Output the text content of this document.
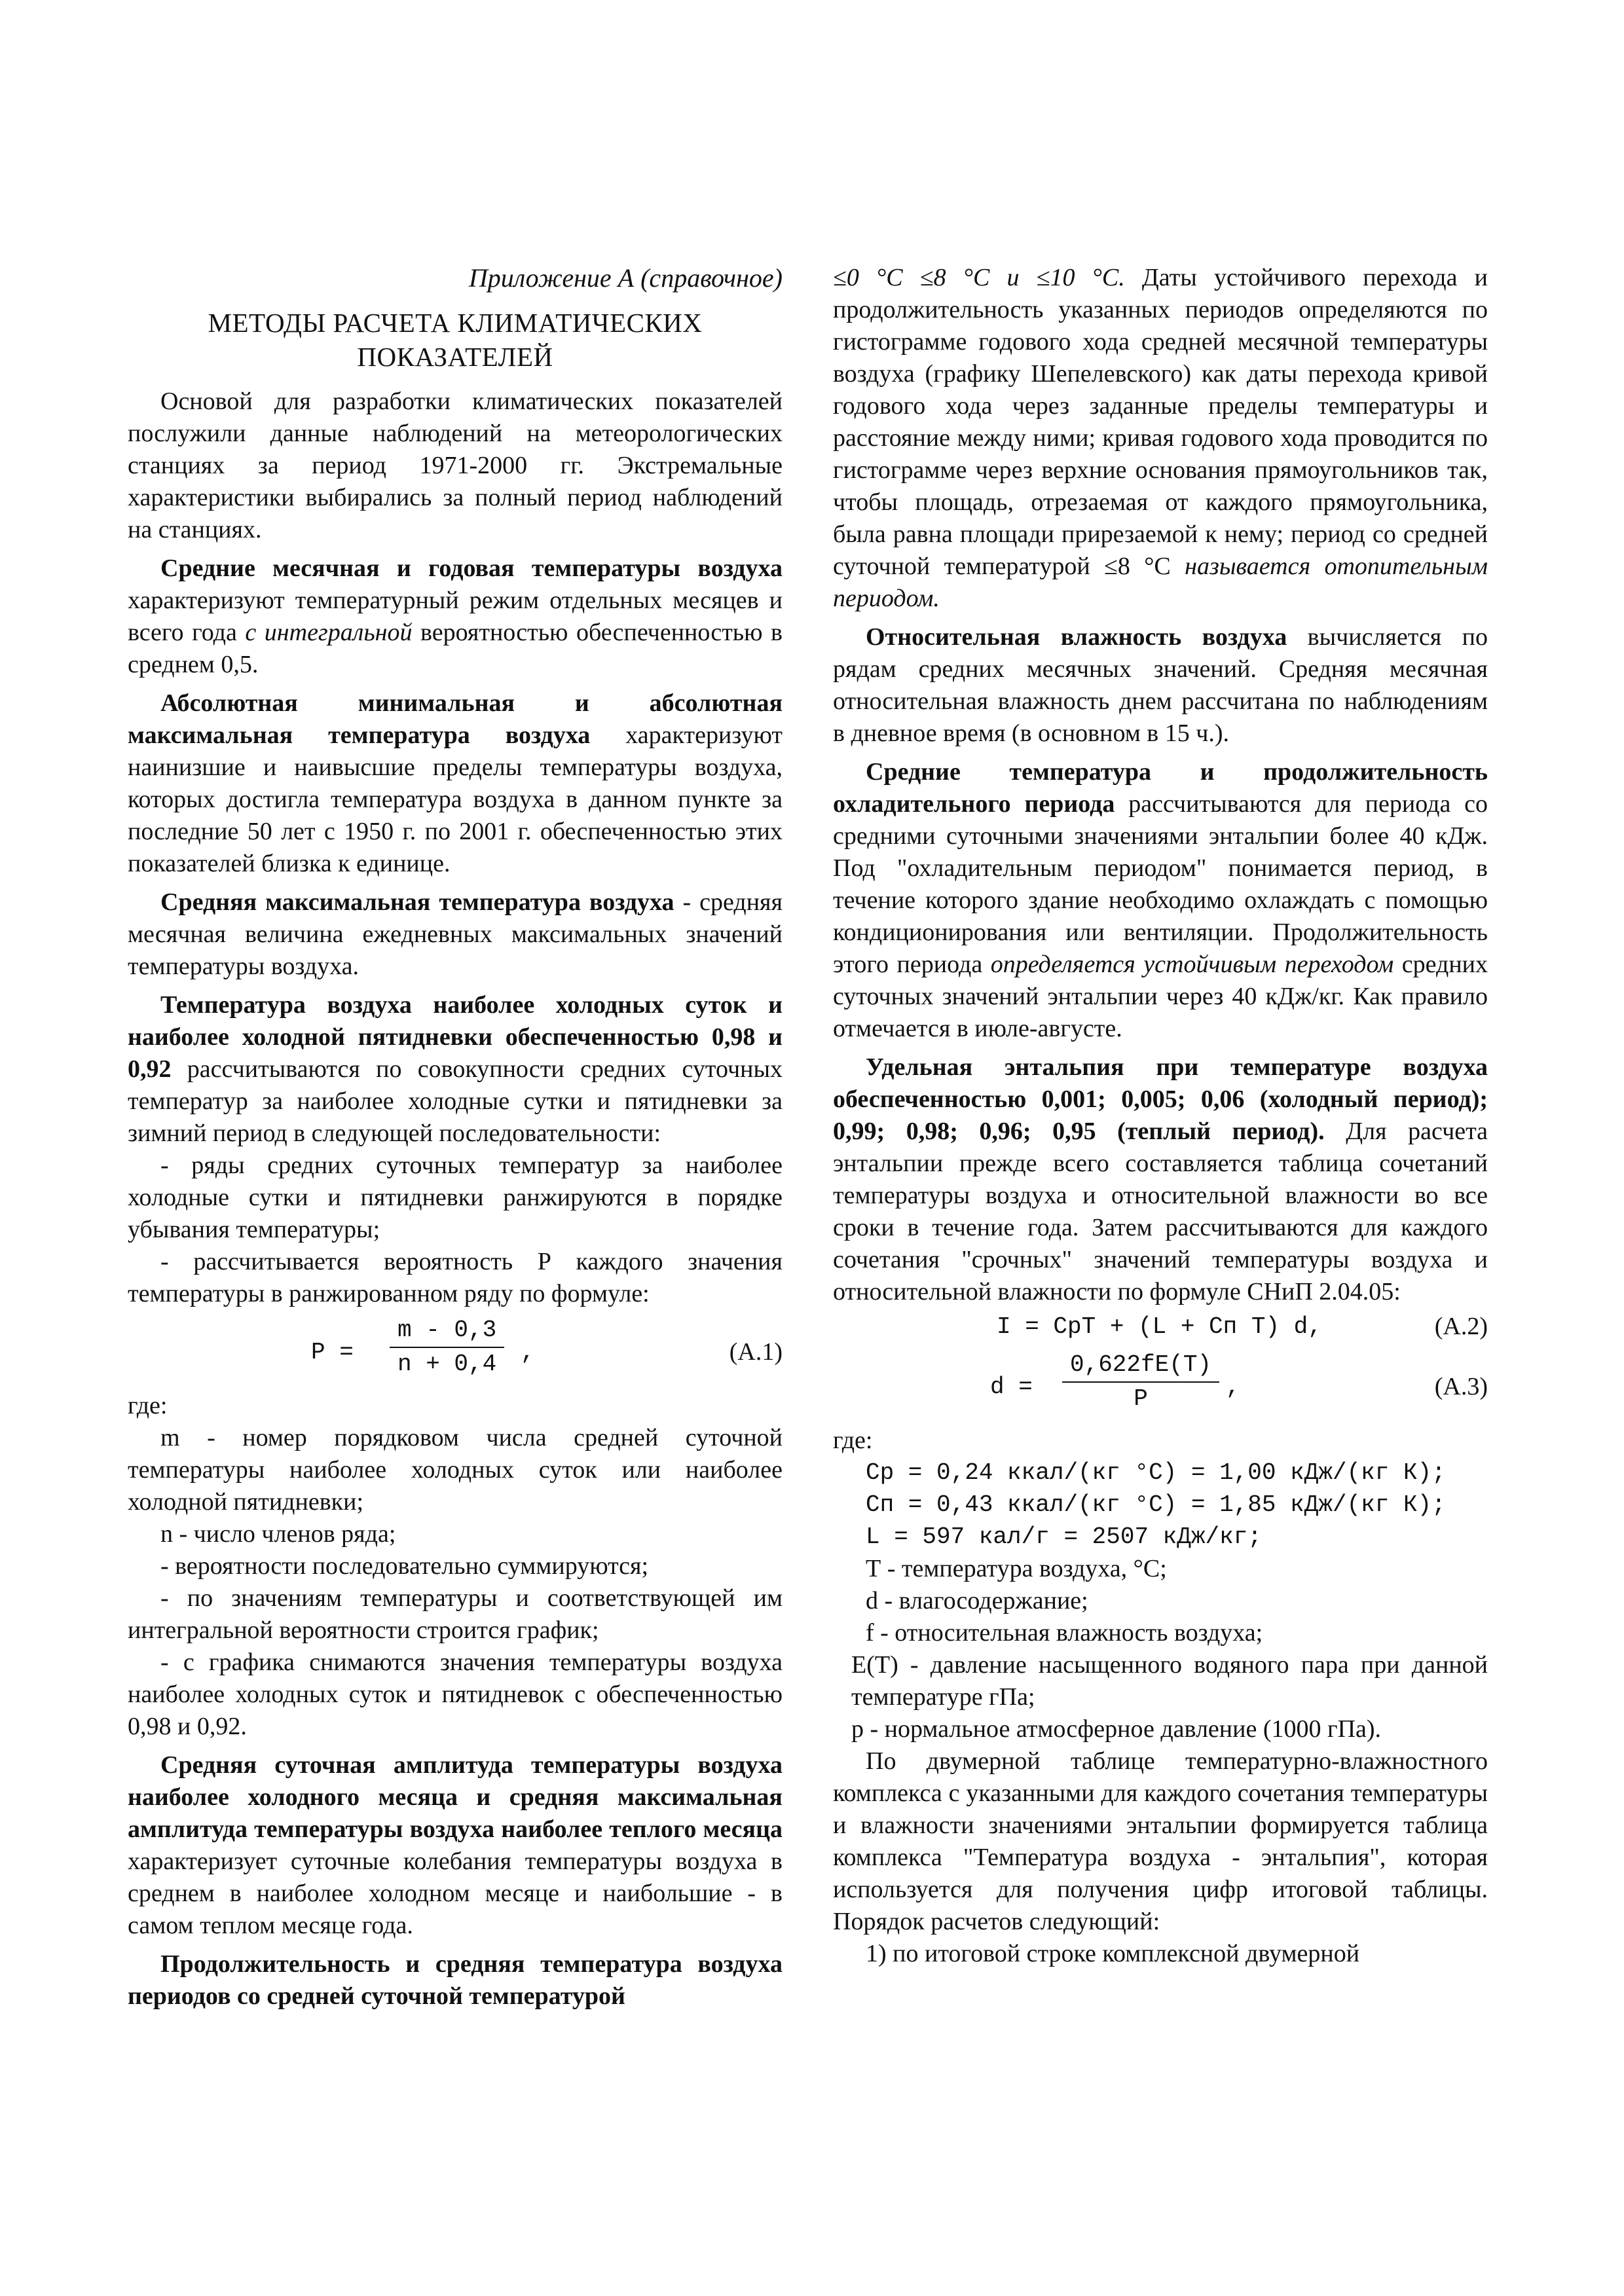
Приложение А (справочное)

МЕТОДЫ РАСЧЕТА КЛИМАТИЧЕСКИХ
ПОКАЗАТЕЛЕЙ

Основой для разработки климатических показателей послужили данные наблюдений на метеорологических станциях за период 1971-2000 гг. Экстремальные характеристики выбирались за полный период наблюдений на станциях.

Средние месячная и годовая температуры воздуха характеризуют температурный режим отдельных месяцев и всего года с интегральной вероятностью обеспеченностью в среднем 0,5.

Абсолютная минимальная и абсолютная максимальная температура воздуха характеризуют наинизшие и наивысшие пределы температуры воздуха, которых достигла температура воздуха в данном пункте за последние 50 лет с 1950 г. по 2001 г. обеспеченностью этих показателей близка к единице.

Средняя максимальная температура воздуха - средняя месячная величина ежедневных максимальных значений температуры воздуха.

Температура воздуха наиболее холодных суток и наиболее холодной пятидневки обеспеченностью 0,98 и 0,92 рассчитываются по совокупности средних суточных температур за наиболее холодные сутки и пятидневки за зимний период в следующей последовательности:

- ряды средних суточных температур за наиболее холодные сутки и пятидневки ранжируются в порядке убывания температуры;

- рассчитывается вероятность Р каждого значения температуры в ранжированном ряду по формуле:

$P = \frac{m - 0,3}{n + 0,4}$ ,	(А.1)

где:

m - номер порядковом числа средней суточной температуры наиболее холодных суток или наиболее холодной пятидневки;

n - число членов ряда;

- вероятности последовательно суммируются;

- по значениям температуры и соответствующей им интегральной вероятности строится график;

- с графика снимаются значения температуры воздуха наиболее холодных суток и пятидневок с обеспеченностью 0,98 и 0,92.

Средняя суточная амплитуда температуры воздуха наиболее холодного месяца и средняя максимальная амплитуда температуры воздуха наиболее теплого месяца характеризует суточные колебания температуры воздуха в среднем в наиболее холодном месяце и наибольшие - в самом теплом месяце года.

Продолжительность и средняя температура воздуха периодов со средней суточной температурой

≤0 °С ≤8 °С и ≤10 °С. Даты устойчивого перехода и продолжительность указанных периодов определяются по гистограмме годового хода средней месячной температуры воздуха (графику Шепелевского) как даты перехода кривой годового хода через заданные пределы температуры и расстояние между ними; кривая годового хода проводится по гистограмме через верхние основания прямоугольников так, чтобы площадь, отрезаемая от каждого прямоугольника, была равна площади прирезаемой к нему; период со средней суточной температурой ≤8 °С называется отопительным периодом.

Относительная влажность воздуха вычисляется по рядам средних месячных значений. Средняя месячная относительная влажность днем рассчитана по наблюдениям в дневное время (в основном в 15 ч.).

Средние температура и продолжительность охладительного периода рассчитываются для периода со средними суточными значениями энтальпии более 40 кДж. Под "охладительным периодом" понимается период, в течение которого здание необходимо охлаждать с помощью кондиционирования или вентиляции. Продолжительность этого периода определяется устойчивым переходом средних суточных значений энтальпии через 40 кДж/кг. Как правило отмечается в июле-августе.

Удельная энтальпия при температуре воздуха обеспеченностью 0,001; 0,005; 0,06 (холодный период); 0,99; 0,98; 0,96; 0,95 (теплый период). Для расчета энтальпии прежде всего составляется таблица сочетаний температуры воздуха и относительной влажности во все сроки в течение года. Затем рассчитываются для каждого сочетания "срочных" значений температуры воздуха и относительной влажности по формуле СНиП 2.04.05:

I = CpT + (L + Cп T) d,	(А.2)
$d = \frac{0,622fE(T)}{P}$ ,	(А.3)

где:

Cp = 0,24 ккал/(кг °С) = 1,00 кДж/(кг К);

Cп = 0,43 ккал/(кг °С) = 1,85 кДж/(кг К);

L = 597 кал/г = 2507 кДж/кг;

Т - температура воздуха, °С;

d - влагосодержание;

f - относительная влажность воздуха;

E(T) - давление насыщенного водяного пара при данной температуре гПа;

р - нормальное атмосферное давление (1000 гПа).

По двумерной таблице температурно-влажностного комплекса с указанными для каждого сочетания температуры и влажности значениями энтальпии формируется таблица комплекса "Температура воздуха - энтальпия", которая используется для получения цифр итоговой таблицы. Порядок расчетов следующий:

1) по итоговой строке комплексной двумерной
